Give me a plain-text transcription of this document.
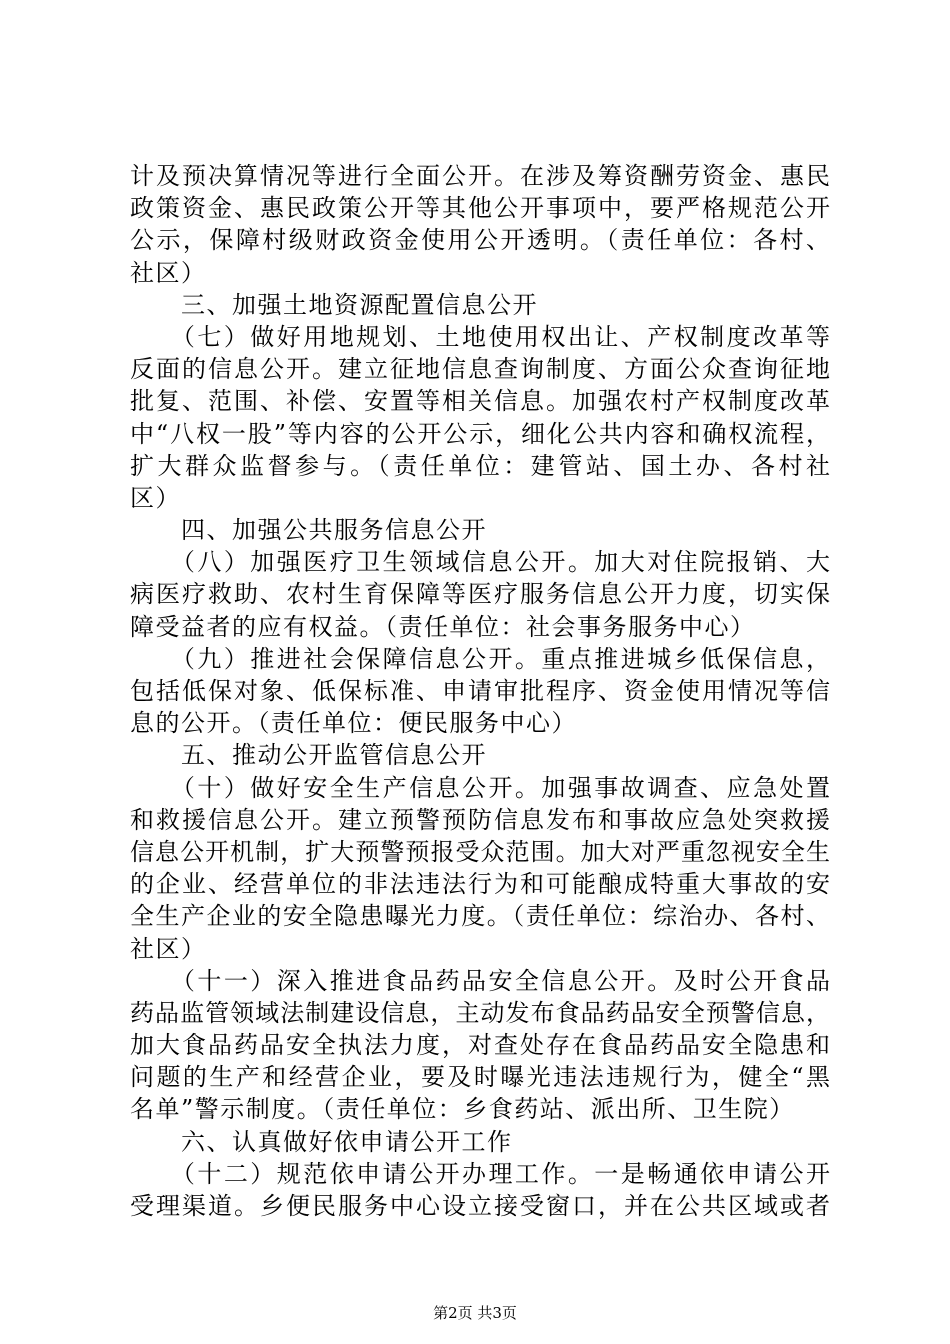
计及预决算情况等进行全面公开。在涉及筹资酬劳资金、惠民
政策资金、惠民政策公开等其他公开事项中，要严格规范公开
公示，保障村级财政资金使用公开透明。（责任单位：各村、
社区）
　　三、加强土地资源配置信息公开
　　（七）做好用地规划、土地使用权出让、产权制度改革等
反面的信息公开。建立征地信息查询制度、方面公众查询征地
批复、范围、补偿、安置等相关信息。加强农村产权制度改革
中“八权一股”等内容的公开公示，细化公共内容和确权流程，
扩大群众监督参与。（责任单位：建管站、国土办、各村社
区）
　　四、加强公共服务信息公开
　　（八）加强医疗卫生领域信息公开。加大对住院报销、大
病医疗救助、农村生育保障等医疗服务信息公开力度，切实保
障受益者的应有权益。（责任单位：社会事务服务中心）
　　（九）推进社会保障信息公开。重点推进城乡低保信息，
包括低保对象、低保标准、申请审批程序、资金使用情况等信
息的公开。（责任单位：便民服务中心）
　　五、推动公开监管信息公开
　　（十）做好安全生产信息公开。加强事故调查、应急处置
和救援信息公开。建立预警预防信息发布和事故应急处突救援
信息公开机制，扩大预警预报受众范围。加大对严重忽视安全生
的企业、经营单位的非法违法行为和可能酿成特重大事故的安
全生产企业的安全隐患曝光力度。（责任单位：综治办、各村、
社区）
　　（十一）深入推进食品药品安全信息公开。及时公开食品
药品监管领域法制建设信息，主动发布食品药品安全预警信息，
加大食品药品安全执法力度，对查处存在食品药品安全隐患和
问题的生产和经营企业，要及时曝光违法违规行为，健全“黑
名单”警示制度。（责任单位：乡食药站、派出所、卫生院）
　　六、认真做好依申请公开工作
　　（十二）规范依申请公开办理工作。一是畅通依申请公开
受理渠道。乡便民服务中心设立接受窗口，并在公共区域或者
第2页 共3页
